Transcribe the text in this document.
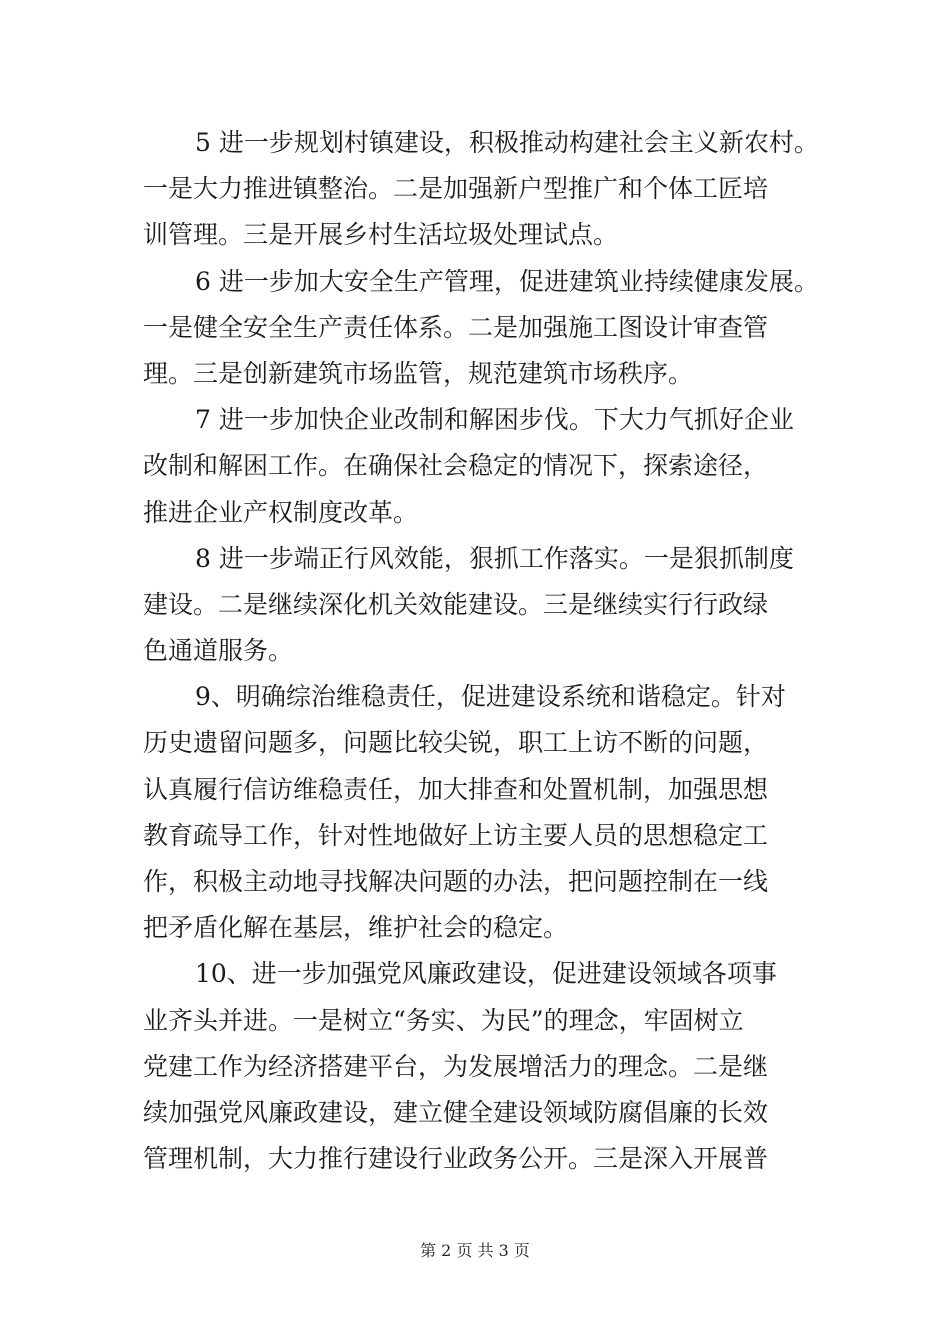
5 进一步规划村镇建设，积极推动构建社会主义新农村。
一是大力推进镇整治。二是加强新户型推广和个体工匠培
训管理。三是开展乡村生活垃圾处理试点。
6 进一步加大安全生产管理，促进建筑业持续健康发展。
一是健全安全生产责任体系。二是加强施工图设计审查管
理。三是创新建筑市场监管，规范建筑市场秩序。
7 进一步加快企业改制和解困步伐。下大力气抓好企业
改制和解困工作。在确保社会稳定的情况下，探索途径，
推进企业产权制度改革。
8 进一步端正行风效能，狠抓工作落实。一是狠抓制度
建设。二是继续深化机关效能建设。三是继续实行行政绿
色通道服务。
9、明确综治维稳责任，促进建设系统和谐稳定。针对
历史遗留问题多，问题比较尖锐，职工上访不断的问题，
认真履行信访维稳责任，加大排查和处置机制，加强思想
教育疏导工作，针对性地做好上访主要人员的思想稳定工
作，积极主动地寻找解决问题的办法，把问题控制在一线
把矛盾化解在基层，维护社会的稳定。
10、进一步加强党风廉政建设，促进建设领域各项事
业齐头并进。一是树立“务实、为民”的理念，牢固树立
党建工作为经济搭建平台，为发展增活力的理念。二是继
续加强党风廉政建设，建立健全建设领域防腐倡廉的长效
管理机制，大力推行建设行业政务公开。三是深入开展普
第 2 页 共 3 页
